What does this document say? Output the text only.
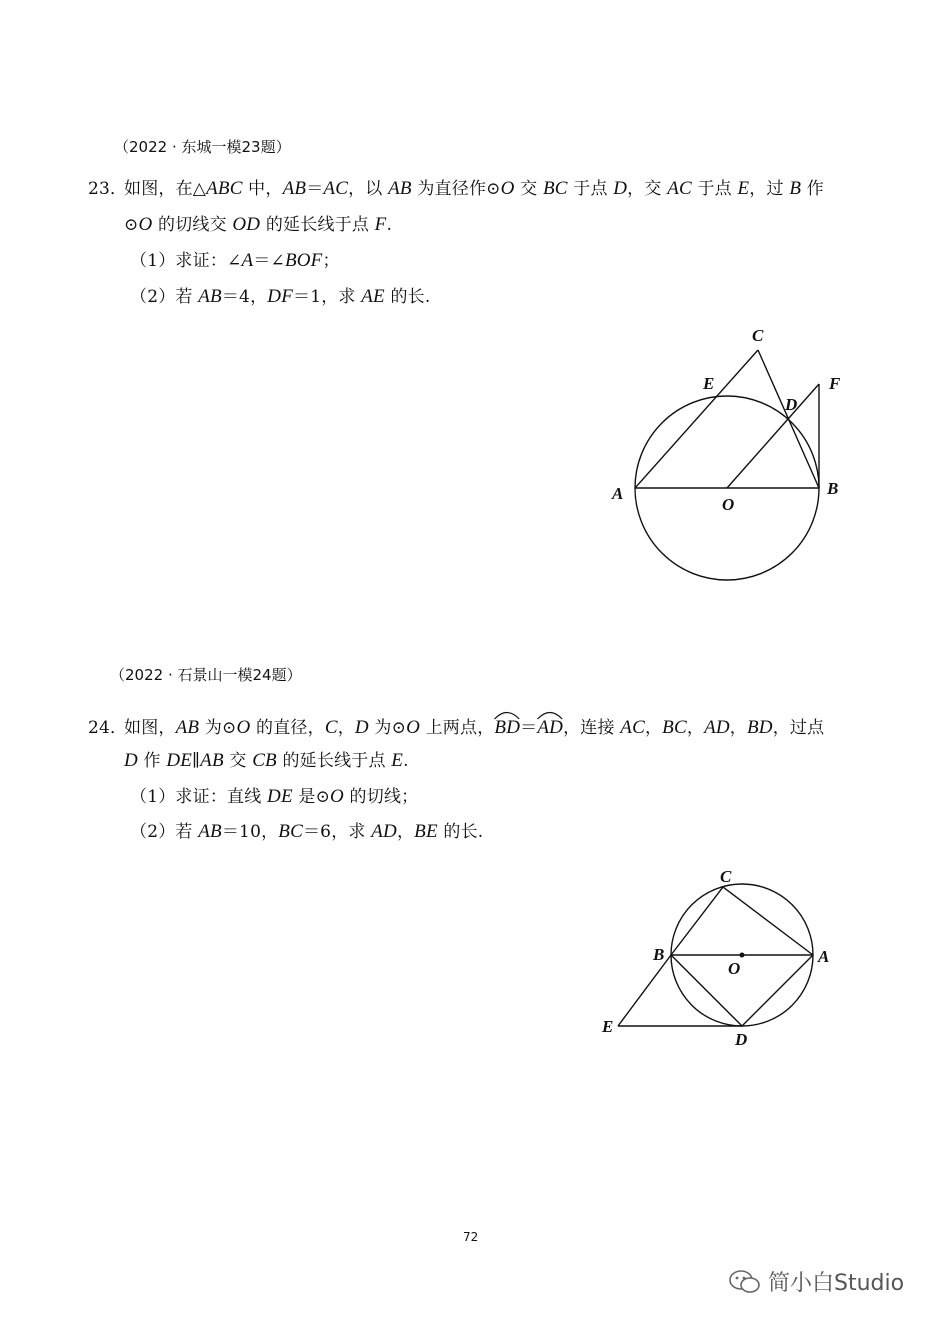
（2022 · 东城一模23题）
23．
如图，在△ABC 中，AB＝AC，以 AB 为直径作⊙O 交 BC 于点 D，交 AC 于点 E，过 B 作
⊙O 的切线交 OD 的延长线于点 F.
（1）求证：∠A＝∠BOF；
（2）若 AB＝4，DF＝1，求 AE 的长.
A	B
C
D
E	F
O
（2022 · 石景山一模24题）
24．
如图，AB 为⊙O 的直径，C，D 为⊙O 上两点，BD
＝AD
，连接 AC，BC，AD，BD，过点
D 作 DE∥AB 交 CB 的延长线于点 E.
（1）求证：直线 DE 是⊙O 的切线；
（2）若 AB＝10，BC＝6，求 AD，BE 的长.
B	A
C
D
E
O
72
简小白Studio
